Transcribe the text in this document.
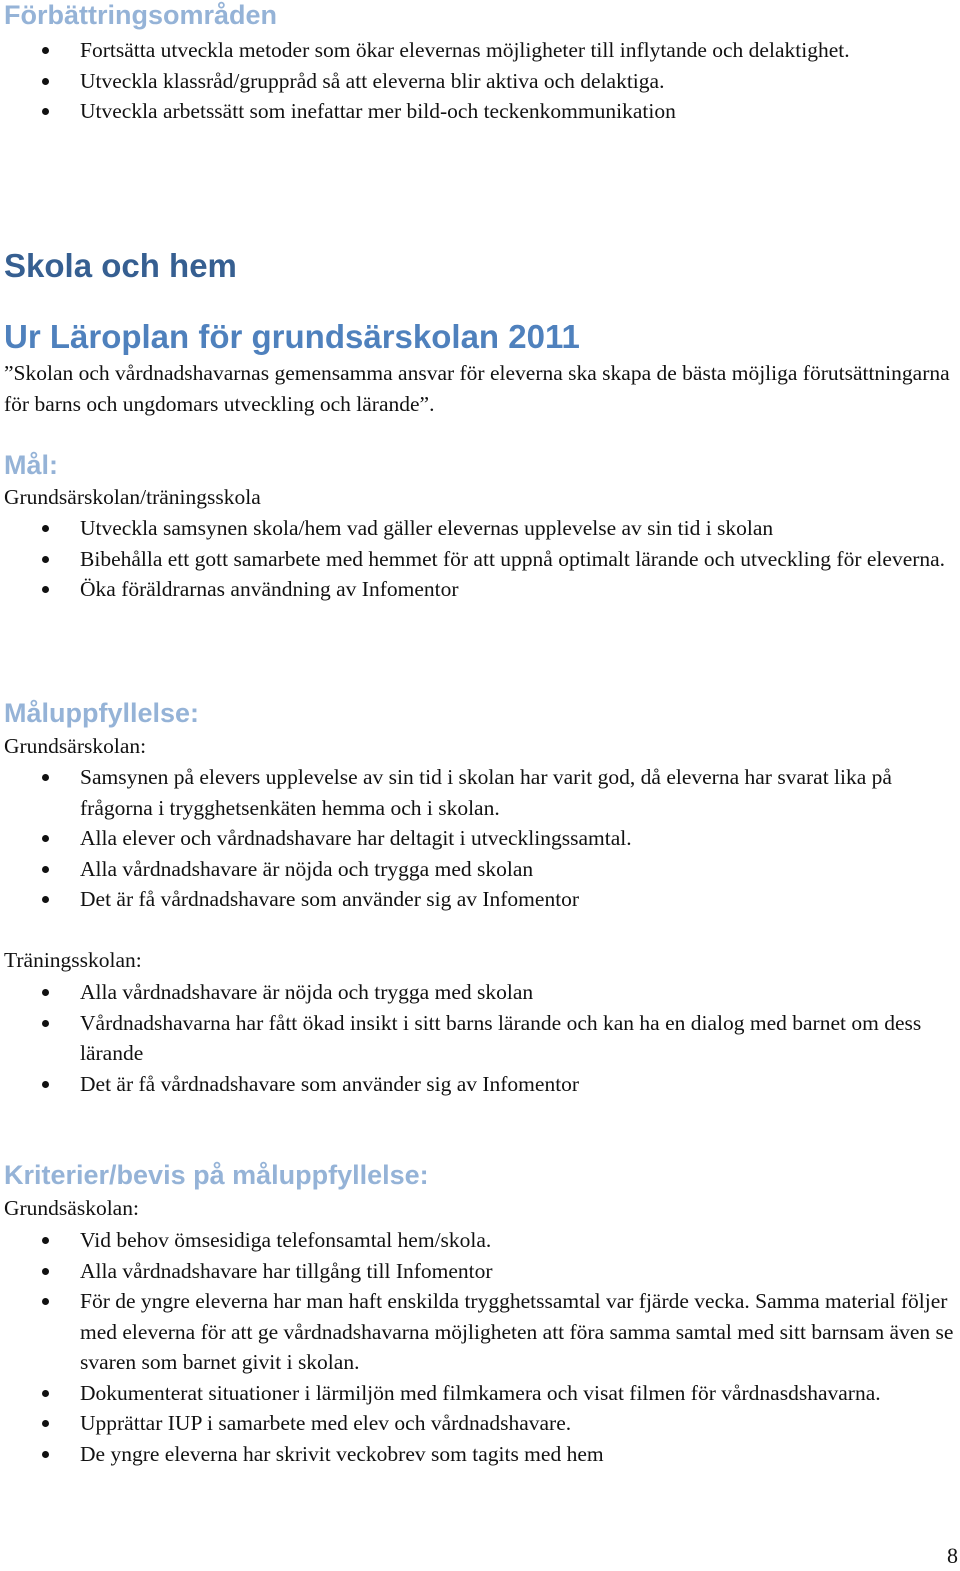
Förbättringsområden
Fortsätta utveckla metoder som ökar elevernas möjligheter till inflytande och delaktighet.
Utveckla klassråd/gruppråd så att eleverna blir aktiva och delaktiga.
Utveckla arbetssätt som inefattar mer bild-och teckenkommunikation
Skola och hem
Ur Läroplan för grundsärskolan 2011

”Skolan och vårdnadshavarnas gemensamma ansvar för eleverna ska skapa de bästa möjliga förutsättningarna för barns och ungdomars utveckling och lärande”.

Mål:

Grundsärskolan/träningsskola

Utveckla samsynen skola/hem vad gäller elevernas upplevelse av sin tid i skolan
Bibehålla ett gott samarbete med hemmet för att uppnå optimalt lärande och utveckling för eleverna.
Öka föräldrarnas användning av Infomentor
Måluppfyllelse:

Grundsärskolan:

Samsynen på elevers upplevelse av sin tid i skolan har varit god, då eleverna har svarat lika på frågorna i trygghetsenkäten hemma och i skolan.
Alla elever och vårdnadshavare har deltagit i utvecklingssamtal.
Alla vårdnadshavare är nöjda och trygga med skolan
Det är få vårdnadshavare som använder sig av Infomentor

Träningsskolan:

Alla vårdnadshavare är nöjda och trygga med skolan
Vårdnadshavarna har fått ökad insikt i sitt barns lärande och kan ha en dialog med barnet om dess lärande
Det är få vårdnadshavare som använder sig av Infomentor
Kriterier/bevis på måluppfyllelse:

Grundsäskolan:

Vid behov ömsesidiga telefonsamtal hem/skola.
Alla vårdnadshavare har tillgång till Infomentor
För de yngre eleverna har man haft enskilda trygghetssamtal var fjärde vecka. Samma material följer med eleverna för att ge vårdnadshavarna möjligheten att föra samma samtal med sitt barnsam även se svaren som barnet givit i skolan.
Dokumenterat situationer i lärmiljön med filmkamera och visat filmen för vårdnasdshavarna.
Upprättar IUP i samarbete med elev och vårdnadshavare.
De yngre eleverna har skrivit veckobrev som tagits med hem
8
